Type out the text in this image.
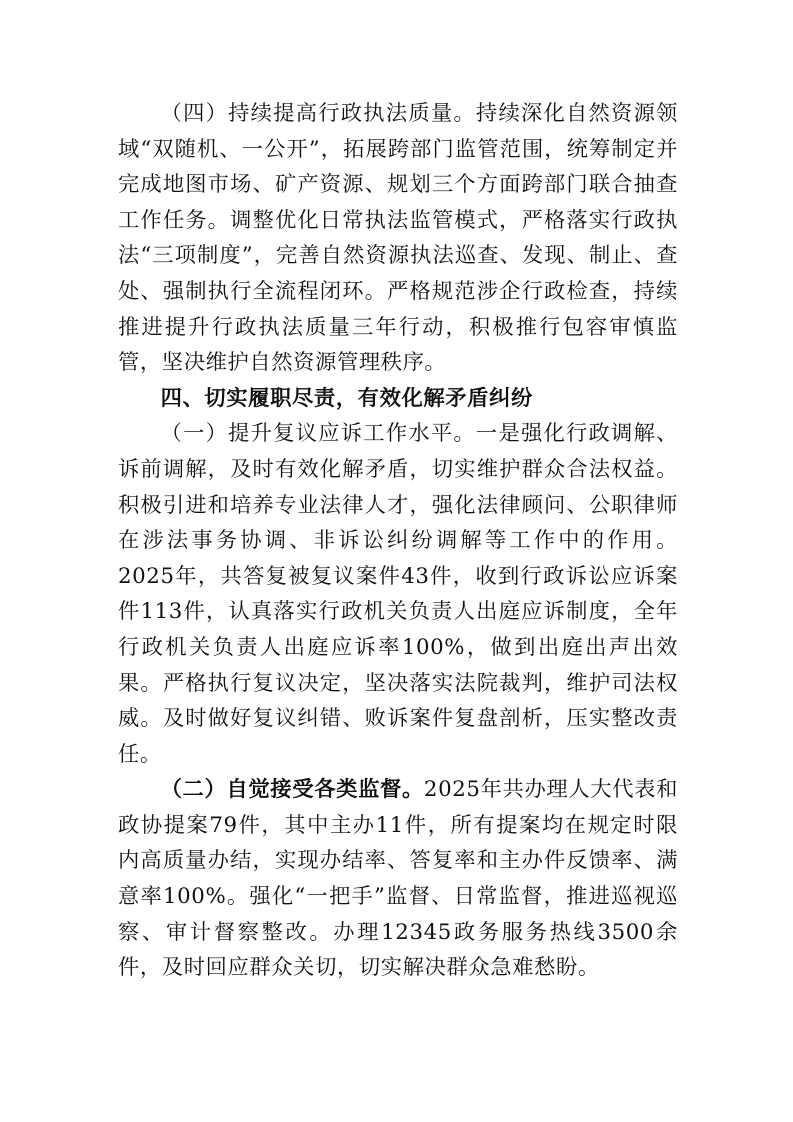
（四）持续提高行政执法质量。持续深化自然资源领域“双随机、一公开”，拓展跨部门监管范围，统筹制定并完成地图市场、矿产资源、规划三个方面跨部门联合抽查工作任务。调整优化日常执法监管模式，严格落实行政执法“三项制度”，完善自然资源执法巡查、发现、制止、查处、强制执行全流程闭环。严格规范涉企行政检查，持续推进提升行政执法质量三年行动，积极推行包容审慎监管，坚决维护自然资源管理秩序。

四、切实履职尽责，有效化解矛盾纠纷

（一）提升复议应诉工作水平。一是强化行政调解、诉前调解，及时有效化解矛盾，切实维护群众合法权益。积极引进和培养专业法律人才，强化法律顾问、公职律师在涉法事务协调、非诉讼纠纷调解等工作中的作用。2025年，共答复被复议案件43件，收到行政诉讼应诉案件113件，认真落实行政机关负责人出庭应诉制度，全年行政机关负责人出庭应诉率100%，做到出庭出声出效果。严格执行复议决定，坚决落实法院裁判，维护司法权威。及时做好复议纠错、败诉案件复盘剖析，压实整改责任。

（二）自觉接受各类监督。2025年共办理人大代表和政协提案79件，其中主办11件，所有提案均在规定时限内高质量办结，实现办结率、答复率和主办件反馈率、满意率100%。强化“一把手”监督、日常监督，推进巡视巡察、审计督察整改。办理12345政务服务热线3500余件，及时回应群众关切，切实解决群众急难愁盼。
